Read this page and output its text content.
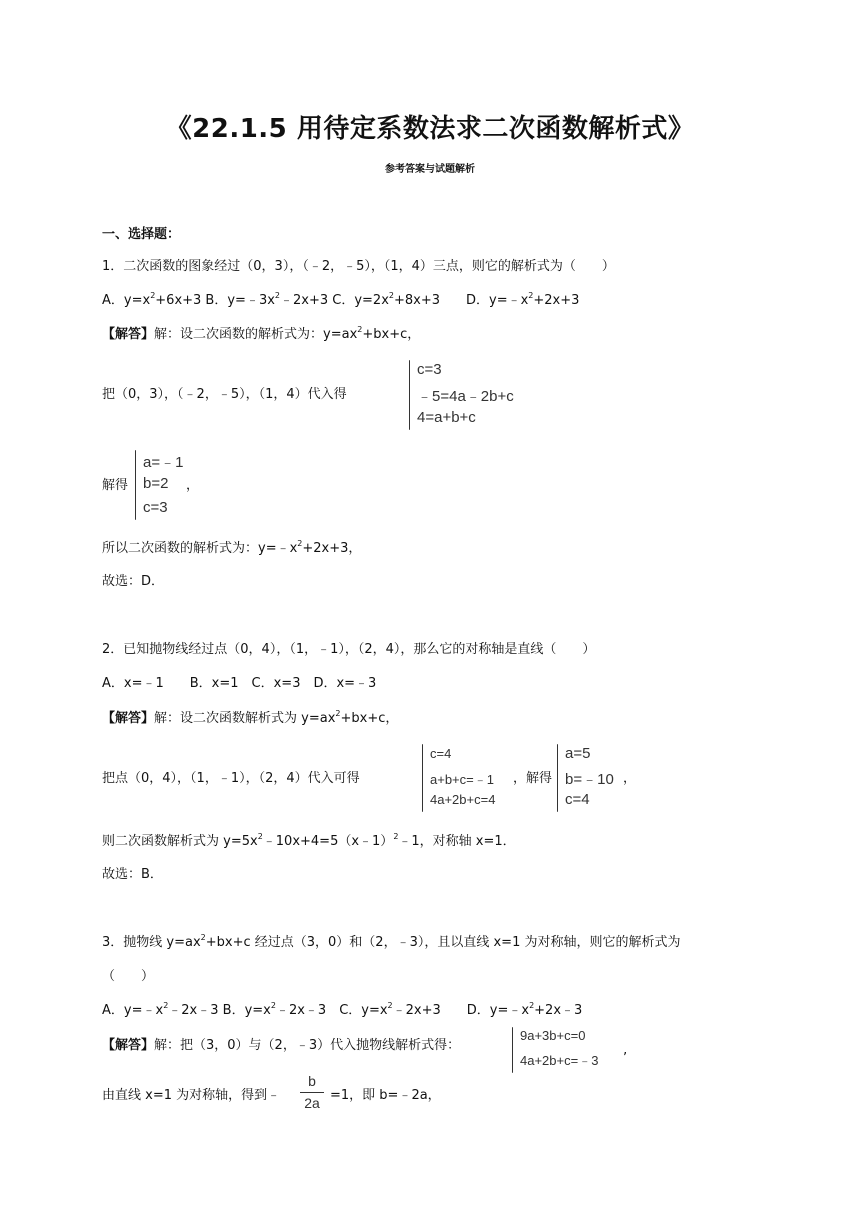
《22.1.5 用待定系数法求二次函数解析式》
参考答案与试题解析
一、选择题：
1．二次函数的图象经过（0，3），（﹣2，﹣5），（1，4）三点，则它的解析式为（　　）
A．$y=x^2+6x+3$ B．$y=﹣3x^2﹣2x+3$ C．$y=2x^2+8x+3$　　D．$y=﹣x^2+2x+3$
【解答】解：设二次函数的解析式为：$y=ax^2+bx+c$，
把（0，3），（﹣2，﹣5），（1，4）代入得
c=3
﹣5=4a﹣2b+c
4=a+b+c
解得
a=﹣1
b=2
c=3
，
所以二次函数的解析式为：$y=﹣x^2+2x+3$，
故选：D．
2．已知抛物线经过点（0，4），（1，﹣1），（2，4），那么它的对称轴是直线（　　）
A．x=﹣1　　B．x=1　C．x=3　D．x=﹣3
【解答】解：设二次函数解析式为 $y=ax^2+bx+c$，
把点（0，4），（1，﹣1），（2，4）代入可得
c=4
a+b+c=﹣1
4a+2b+c=4
，解得
a=5
b=﹣10
c=4
，
则二次函数解析式为 $y=5x^2﹣10x+4=5(x﹣1)^2﹣1$，对称轴 x=1．
故选：B．
3．抛物线 $y=ax^2+bx+c$ 经过点（3，0）和（2，﹣3），且以直线 x=1 为对称轴，则它的解析式为
（　　）
A．$y=﹣x^2﹣2x﹣3$ B．$y=x^2﹣2x﹣3$　C．$y=x^2﹣2x+3$　　D．$y=﹣x^2+2x﹣3$
【解答】解：把（3，0）与（2，﹣3）代入抛物线解析式得：
9a+3b+c=0
4a+2b+c=﹣3 ’
由直线 x=1 为对称轴，得到﹣
b
2a =1，即 b=﹣2a，
